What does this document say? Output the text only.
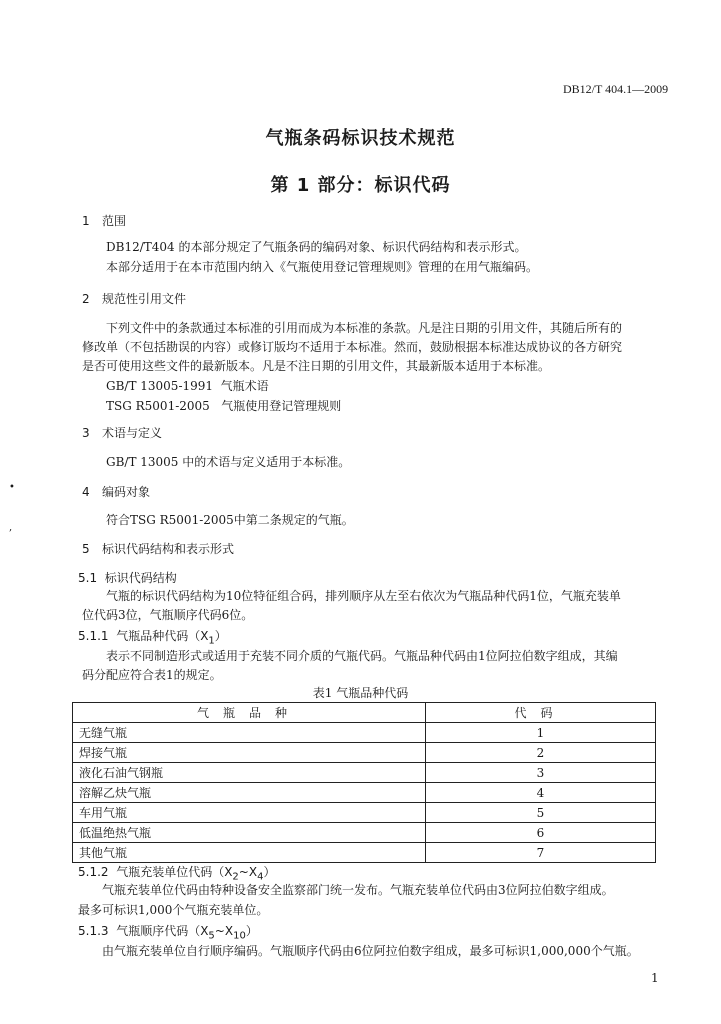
DB12/T 404.1—2009
气瓶条码标识技术规范
第 1 部分：标识代码
1 范围
DB12/T404 的本部分规定了气瓶条码的编码对象、标识代码结构和表示形式。
本部分适用于在本市范围内纳入《气瓶使用登记管理规则》管理的在用气瓶编码。
2 规范性引用文件
下列文件中的条款通过本标准的引用而成为本标准的条款。凡是注日期的引用文件，其随后所有的
修改单（不包括勘误的内容）或修订版均不适用于本标准。然而，鼓励根据本标准达成协议的各方研究
是否可使用这些文件的最新版本。凡是不注日期的引用文件，其最新版本适用于本标准。
GB/T 13005-1991  气瓶术语
TSG R5001-2005   气瓶使用登记管理规则
3 术语与定义
GB/T 13005 中的术语与定义适用于本标准。
•	4 编码对象
符合TSG R5001-2005中第二条规定的气瓶。
,
5 标识代码结构和表示形式
5.1 标识代码结构
气瓶的标识代码结构为10位特征组合码，排列顺序从左至右依次为气瓶品种代码1位，气瓶充装单
位代码3位，气瓶顺序代码6位。
5.1.1 气瓶品种代码$(X_1)$
表示不同制造形式或适用于充装不同介质的气瓶代码。气瓶品种代码由1位阿拉伯数字组成，其编
码分配应符合表1的规定。
表1 气瓶品种代码
气瓶品种	代码
无缝气瓶	1
焊接气瓶	2
液化石油气钢瓶	3
溶解乙炔气瓶	4
车用气瓶	5
低温绝热气瓶	6
其他气瓶	7
5.1.2 气瓶充装单位代码$(X_2\sim X_4)$
气瓶充装单位代码由特种设备安全监察部门统一发布。气瓶充装单位代码由3位阿拉伯数字组成。
最多可标识1,000个气瓶充装单位。
5.1.3 气瓶顺序代码$(X_5\sim X_{10})$
由气瓶充装单位自行顺序编码。气瓶顺序代码由6位阿拉伯数字组成，最多可标识1,000,000个气瓶。
1
